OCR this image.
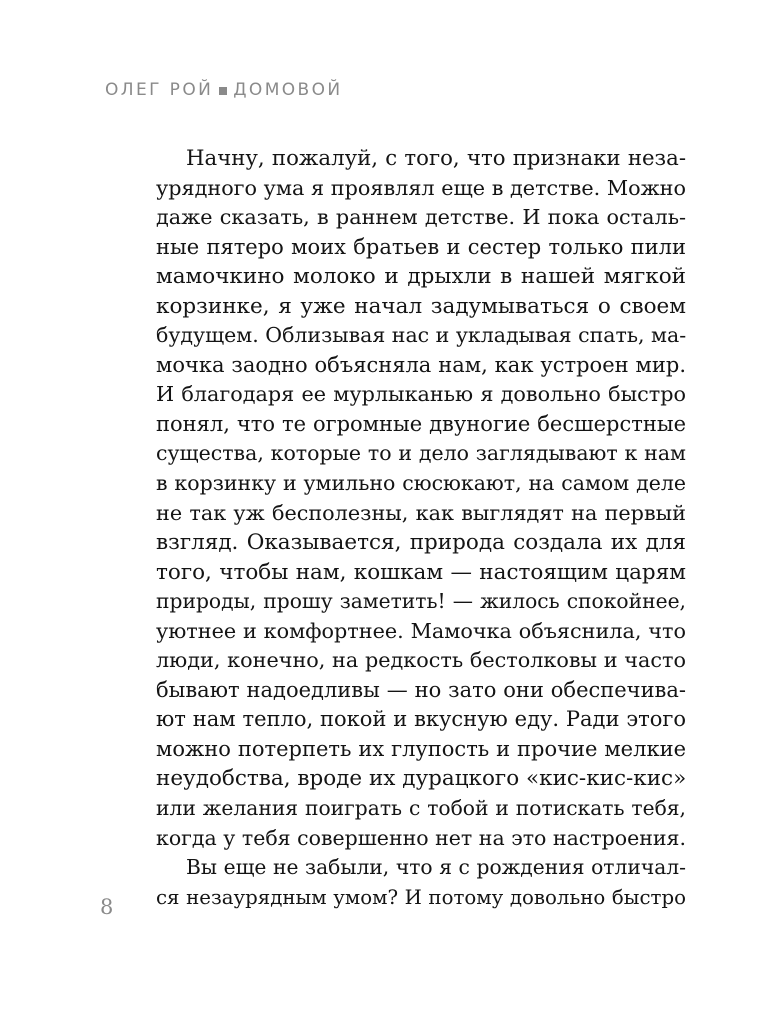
ОЛЕГ РОЙ ДОМОВОЙ
Начну, пожалуй, с того, что признаки неза-
урядного ума я проявлял еще в детстве. Можно
даже сказать, в раннем детстве. И пока осталь-
ные пятеро моих братьев и сестер только пили
мамочкино молоко и дрыхли в нашей мягкой
корзинке, я уже начал задумываться о своем
будущем. Облизывая нас и укладывая спать, ма-
мочка заодно объясняла нам, как устроен мир.
И благодаря ее мурлыканью я довольно быстро
понял, что те огромные двуногие бесшерстные
существа, которые то и дело заглядывают к нам
в корзинку и умильно сюсюкают, на самом деле
не так уж бесполезны, как выглядят на первый
взгляд. Оказывается, природа создала их для
того, чтобы нам, кошкам — настоящим царям
природы, прошу заметить! — жилось спокойнее,
уютнее и комфортнее. Мамочка объяснила, что
люди, конечно, на редкость бестолковы и часто
бывают надоедливы — но зато они обеспечива-
ют нам тепло, покой и вкусную еду. Ради этого
можно потерпеть их глупость и прочие мелкие
неудобства, вроде их дурацкого «кис-кис-кис»
или желания поиграть с тобой и потискать тебя,
когда у тебя совершенно нет на это настроения.
Вы еще не забыли, что я с рождения отличал-
ся незаурядным умом? И потому довольно быстро
8
